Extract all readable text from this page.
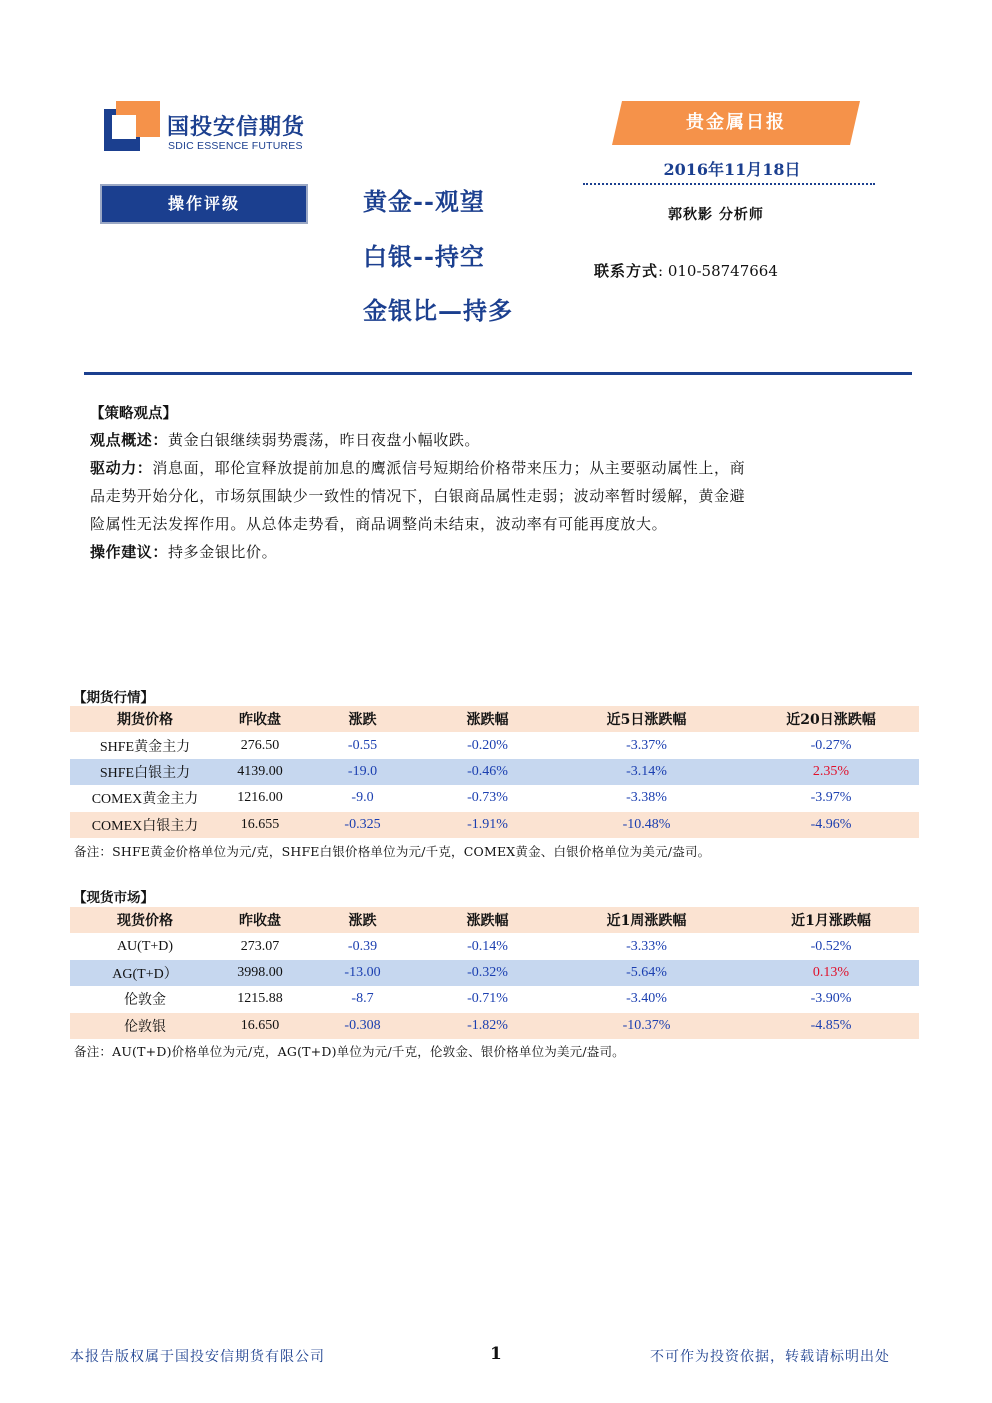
国投安信期货
SDIC ESSENCE FUTURES
贵金属日报
2016年11月18日
郭秋影 分析师
联系方式: 010-58747664
操作评级	黄金--观望
白银--持空
金银比—持多
【策略观点】
观点概述：黄金白银继续弱势震荡，昨日夜盘小幅收跌。
驱动力：消息面，耶伦宣释放提前加息的鹰派信号短期给价格带来压力；从主要驱动属性上，商
品走势开始分化，市场氛围缺少一致性的情况下，白银商品属性走弱；波动率暂时缓解，黄金避
险属性无法发挥作用。从总体走势看，商品调整尚未结束，波动率有可能再度放大。
操作建议：持多金银比价。
【期货行情】
期货价格	昨收盘	涨跌	涨跌幅	近5日涨跌幅	近20日涨跌幅
SHFE黄金主力	276.50	-0.55	-0.20%	-3.37%	-0.27%
SHFE白银主力	4139.00	-19.0	-0.46%	-3.14%	2.35%
COMEX黄金主力	1216.00	-9.0	-0.73%	-3.38%	-3.97%
COMEX白银主力	16.655	-0.325	-1.91%	-10.48%	-4.96%
备注：SHFE黄金价格单位为元/克，SHFE白银价格单位为元/千克，COMEX黄金、白银价格单位为美元/盎司。
【现货市场】
现货价格	昨收盘	涨跌	涨跌幅	近1周涨跌幅	近1月涨跌幅
AU(T+D)	273.07	-0.39	-0.14%	-3.33%	-0.52%
AG(T+D）	3998.00	-13.00	-0.32%	-5.64%	0.13%
伦敦金	1215.88	-8.7	-0.71%	-3.40%	-3.90%
伦敦银	16.650	-0.308	-1.82%	-10.37%	-4.85%
备注：AU(T+D)价格单位为元/克，AG(T+D)单位为元/千克，伦敦金、银价格单位为美元/盎司。
本报告版权属于国投安信期货有限公司	1	不可作为投资依据，转载请标明出处
